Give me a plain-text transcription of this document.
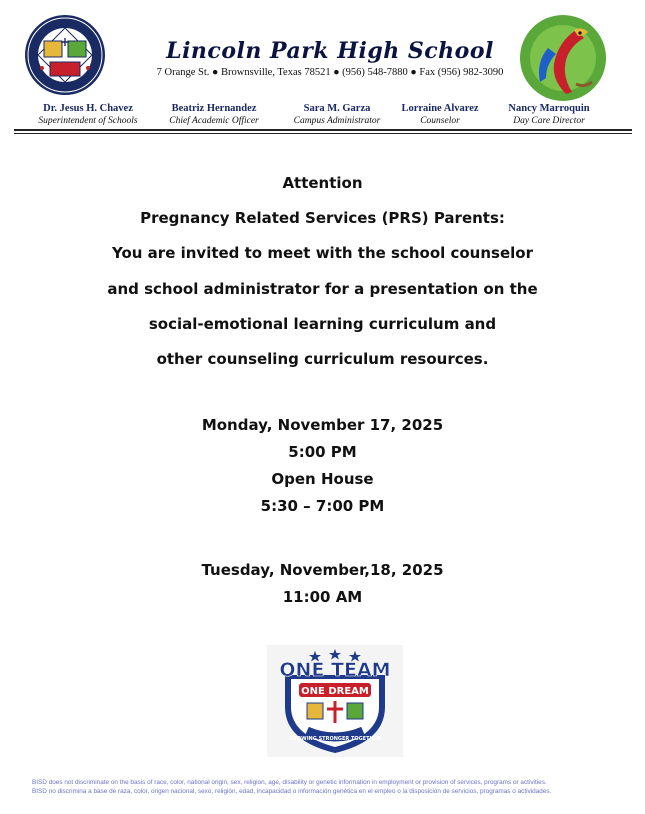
Lincoln Park High School
7 Orange St. ● Brownsville, Texas 78521 ● (956) 548-7880 ● Fax (956) 982-3090
Dr. Jesus H. Chavez
Superintendent of Schools
Beatriz Hernandez
Chief Academic Officer
Sara M. Garza
Campus Administrator
Lorraine Alvarez
Counselor
Nancy Marroquin
Day Care Director
Attention
Pregnancy Related Services (PRS) Parents:
You are invited to meet with the school counselor
and school administrator for a presentation on the
social-emotional learning curriculum and
other counseling curriculum resources.
Monday, November 17, 2025
5:00 PM
Open House
5:30 – 7:00 PM
Tuesday, November,18, 2025
11:00 AM
ONE TEAM
ONE DREAM
GROWING STRONGER TOGETHER
BISD does not discriminate on the basis of race, color, national origin, sex, religion, age, disability or genetic information in employment or provision of services, programs or activities.
BISD no discrimina a base de raza, color, origen nacional, sexo, religión, edad, incapacidad o información genética en el empleo o la disposición de servicios, programas o actividades.
